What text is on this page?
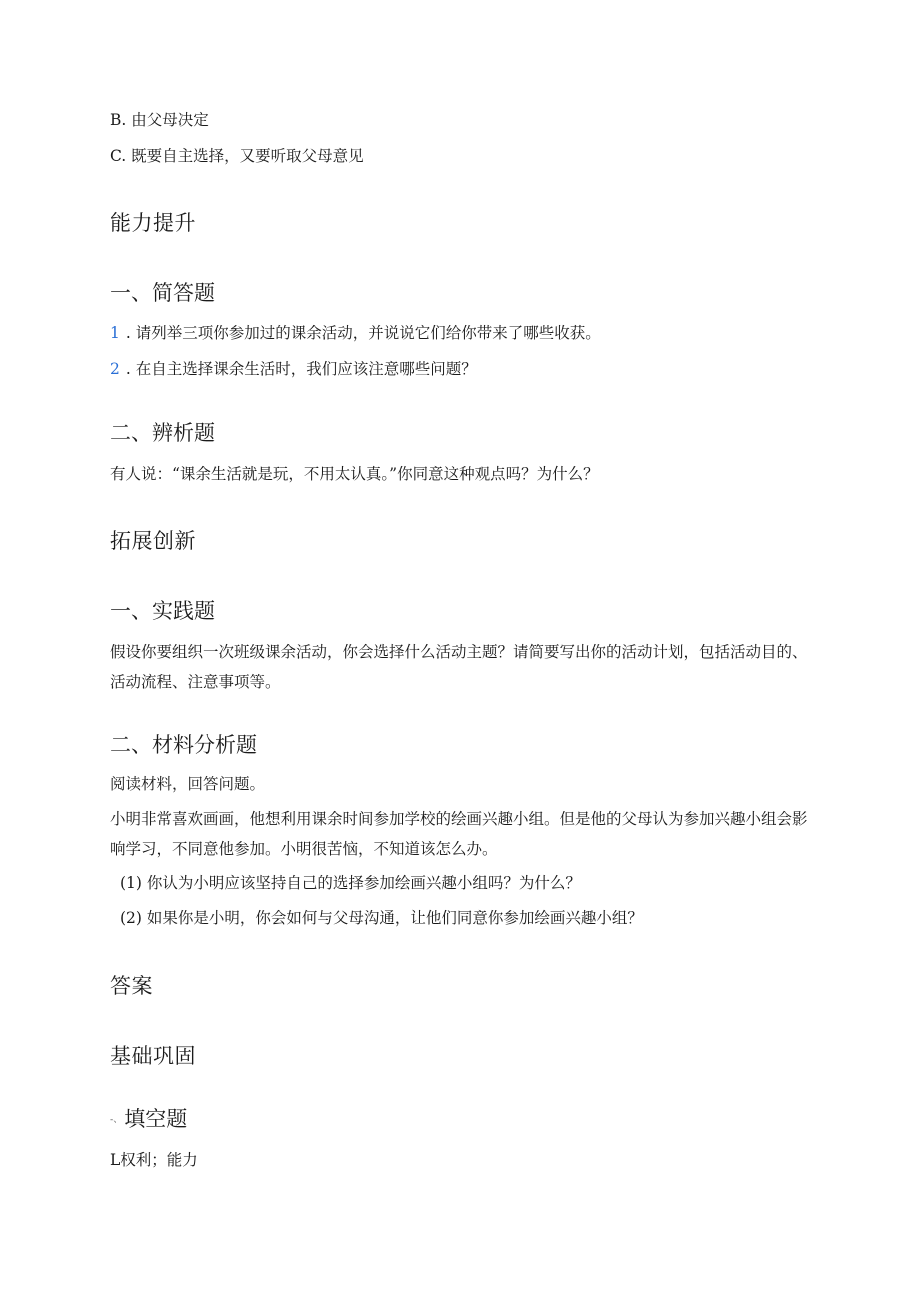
B. 由父母决定

C. 既要自主选择，又要听取父母意见

能力提升
一、简答题

1 . 请列举三项你参加过的课余活动，并说说它们给你带来了哪些收获。

2 . 在自主选择课余生活时，我们应该注意哪些问题？

二、辨析题

有人说：“课余生活就是玩，不用太认真。”你同意这种观点吗？为什么？

拓展创新
一、实践题

假设你要组织一次班级课余活动，你会选择什么活动主题？请简要写出你的活动计划，包括活动目的、活动流程、注意事项等。

二、材料分析题

阅读材料，回答问题。

小明非常喜欢画画，他想利用课余时间参加学校的绘画兴趣小组。但是他的父母认为参加兴趣小组会影响学习，不同意他参加。小明很苦恼，不知道该怎么办。

(1) 你认为小明应该坚持自己的选择参加绘画兴趣小组吗？为什么？

(2) 如果你是小明，你会如何与父母沟通，让他们同意你参加绘画兴趣小组？

答案
基础巩固
-、填空题

L权利；能力
